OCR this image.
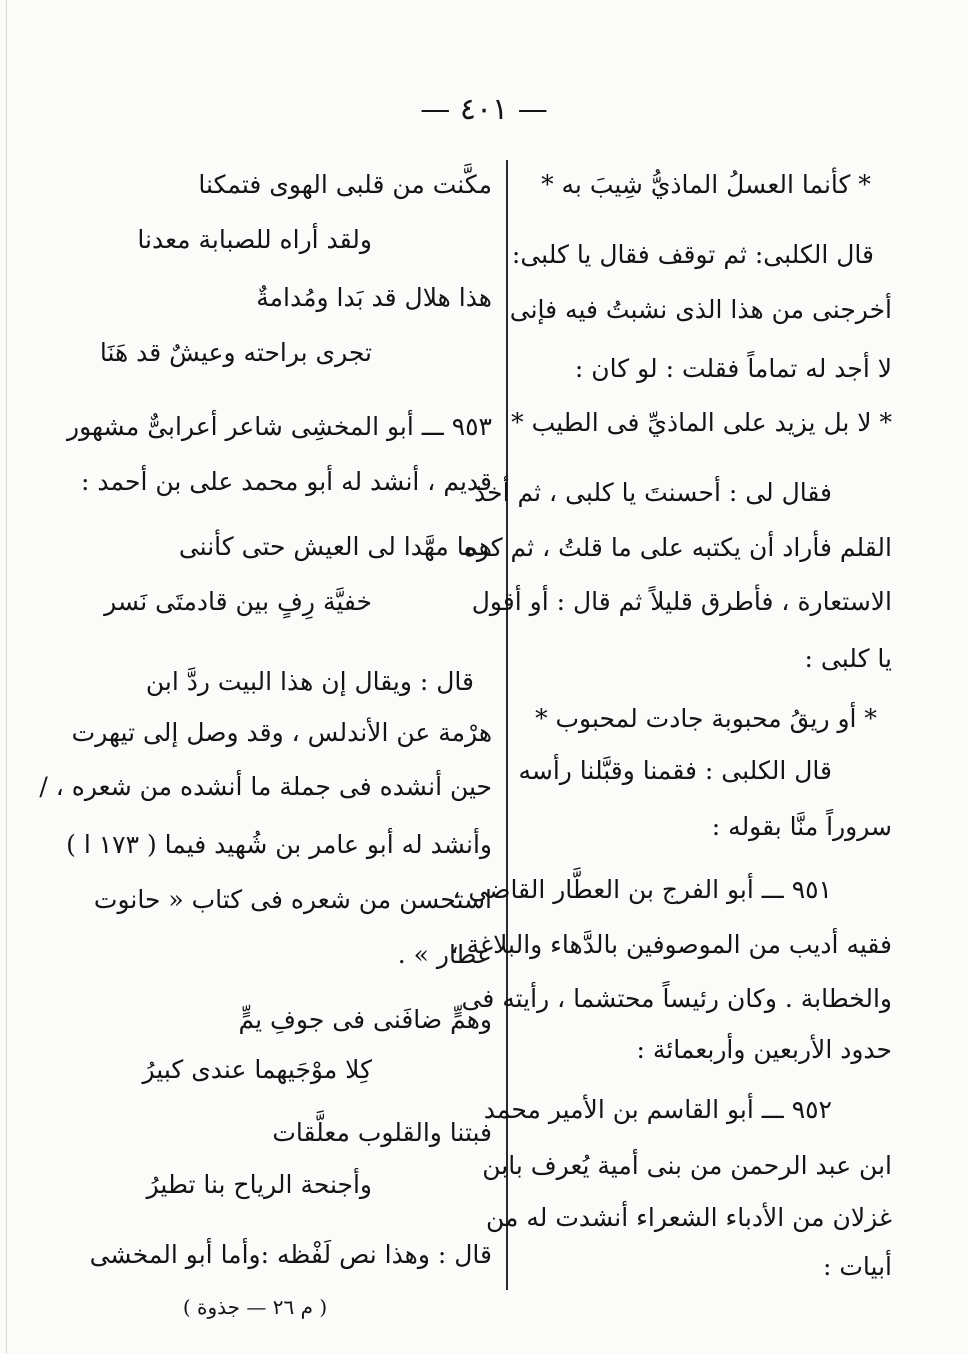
— ٤٠١ —
* كأنما العسلُ الماذيُّ شِيبَ به *
قال الكلبى: ثم توقف فقال يا كلبى:
أخرجنى من هذا الذى نشبتُ فيه فإنى
لا أجد له تماماً فقلت : لو كان :
* لا بل يزيد على الماذيِّ فى الطيب *
فقال لى : أحسنتَ يا كلبى ، ثم أخذ
القلم فأراد أن يكتبه على ما قلتُ ، ثم كره
الاستعارة ، فأطرق قليلاً ثم قال : أو أقول
يا كلبى :
* أو ريقُ محبوبة جادت لمحبوب *
قال الكلبى : فقمنا وقبَّلنا رأسه
سروراً منَّا بقوله :
٩٥١ ـــ أبو الفرج بن العطَّار القاضى ،
فقيه أديب من الموصوفين بالدَّهاء والبلاغة ،
والخطابة . وكان رئيساً محتشما ، رأيته فى
حدود الأربعين وأربعمائة :
٩٥٢ ـــ أبو القاسم بن الأمير محمد
ابن عبد الرحمن من بنى أمية يُعرف بابن
غزلان من الأدباء الشعراء أنشدت له من
أبيات :
مكَّنت من قلبى الهوى فتمكنا
ولقد أراه للصبابة معدنا
هذا هلال قد بَدا ومُدامةٌ
تجرى براحته وعيشٌ قد هَنَا
٩٥٣ ـــ أبو المخشِى شاعر أعرابىٌّ مشهور
قديم ، أنشد له أبو محمد على بن أحمد :
هما مهَّدا لى العيش حتى كأننى
خفيَّة رِفٍ بين قادمتَى نَسر
قال : ويقال إن هذا البيت ردَّ ابن
هرْمة عن الأندلس ، وقد وصل إلى تيهرت
حين أنشده فى جملة ما أنشده من شعره ، /
وأنشد له أبو عامر بن شُهيد فيما ( ١٧٣ ا )
استحسن من شعره فى كتاب « حانوت
عطار » .
وهمٍّ ضافَنى فى جوفِ يمٍّ
كِلا موْجَيهما عندى كبيرُ
فبتنا والقلوب معلَّقات
وأجنحة الرياح بنا تطيرُ
قال : وهذا نص لَفْظه :وأما أبو المخشى
( م ٢٦ — جذوة )
